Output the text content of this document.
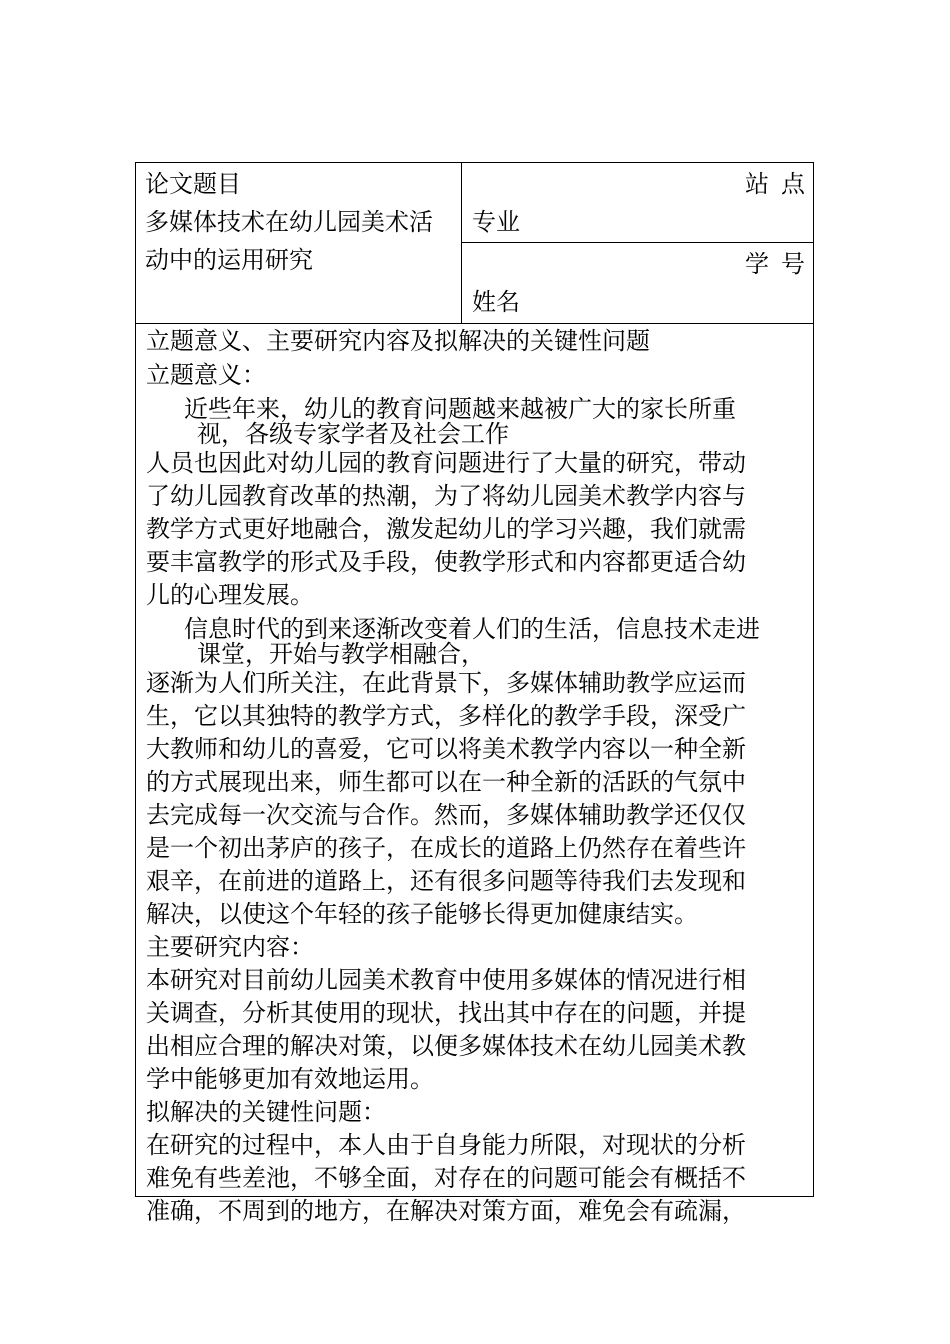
论文题目
多媒体技术在幼儿园美术活
动中的运用研究
站点
专业
学号
姓名
立题意义、主要研究内容及拟解决的关键性问题
立题意义：
近些年来，幼儿的教育问题越来越被广大的家长所重
视，各级专家学者及社会工作
人员也因此对幼儿园的教育问题进行了大量的研究，带动
了幼儿园教育改革的热潮，为了将幼儿园美术教学内容与
教学方式更好地融合，激发起幼儿的学习兴趣，我们就需
要丰富教学的形式及手段，使教学形式和内容都更适合幼
儿的心理发展。
信息时代的到来逐渐改变着人们的生活，信息技术走进
课堂，开始与教学相融合，
逐渐为人们所关注，在此背景下，多媒体辅助教学应运而
生，它以其独特的教学方式，多样化的教学手段，深受广
大教师和幼儿的喜爱，它可以将美术教学内容以一种全新
的方式展现出来，师生都可以在一种全新的活跃的气氛中
去完成每一次交流与合作。然而，多媒体辅助教学还仅仅
是一个初出茅庐的孩子，在成长的道路上仍然存在着些许
艰辛，在前进的道路上，还有很多问题等待我们去发现和
解决，以使这个年轻的孩子能够长得更加健康结实。
主要研究内容：
本研究对目前幼儿园美术教育中使用多媒体的情况进行相
关调查，分析其使用的现状，找出其中存在的问题，并提
出相应合理的解决对策，以便多媒体技术在幼儿园美术教
学中能够更加有效地运用。
拟解决的关键性问题：
在研究的过程中，本人由于自身能力所限，对现状的分析
难免有些差池，不够全面，对存在的问题可能会有概括不
准确，不周到的地方，在解决对策方面，难免会有疏漏，
